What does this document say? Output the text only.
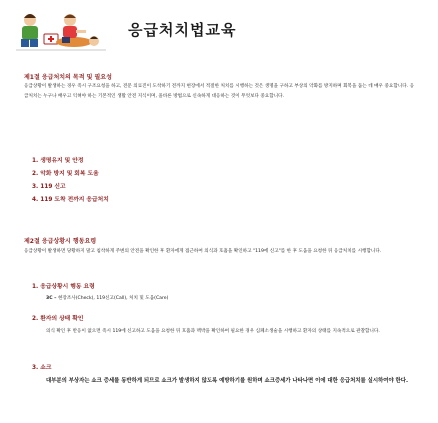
응급처치법교육
제1절 응급처치의 목적 및 필요성
응급상황이 발생하는 경우 즉시 구조요청을 하고, 전문 의료진이 도착하기 전까지 현장에서 적절한 처치를 시행하는 것은 생명을 구하고 부상의 악화를 방지하며 회복을 돕는 데 매우 중요합니다. 응급처치는 누구나 배우고 익혀야 하는 기본적인 생활 안전 지식이며, 올바른 방법으로 신속하게 대응하는 것이 무엇보다 중요합니다.
1. 생명유지 및 안정
2. 악화 방지 및 회복 도움
3. 119 신고
4. 119 도착 전까지 응급처치
제2절 응급상황시 행동요령
응급상황이 발생하면 당황하지 말고 침착하게 주변의 안전을 확인한 후 환자에게 접근하여 의식과 호흡을 확인하고 "119에 신고"를 한 후 도움을 요청한 뒤 응급처치를 시행합니다.
1. 응급상황시 행동 요령
3C – 현장조사(Check), 119신고(Call), 처치 및 도움(Care)
2. 환자의 상태 확인
의식 확인 후 반응이 없으면 즉시 119에 신고하고 도움을 요청한 뒤 호흡과 맥박을 확인하여 필요한 경우 심폐소생술을 시행하고 환자의 상태를 지속적으로 관찰합니다.
3. 쇼크
대부분의 부상자는 쇼크 증세를 동반하게 되므로 쇼크가 발생하지 않도록 예방하기를 원하며 쇼크증세가 나타나면 이에 대한 응급처치를 실시하여야 한다.
